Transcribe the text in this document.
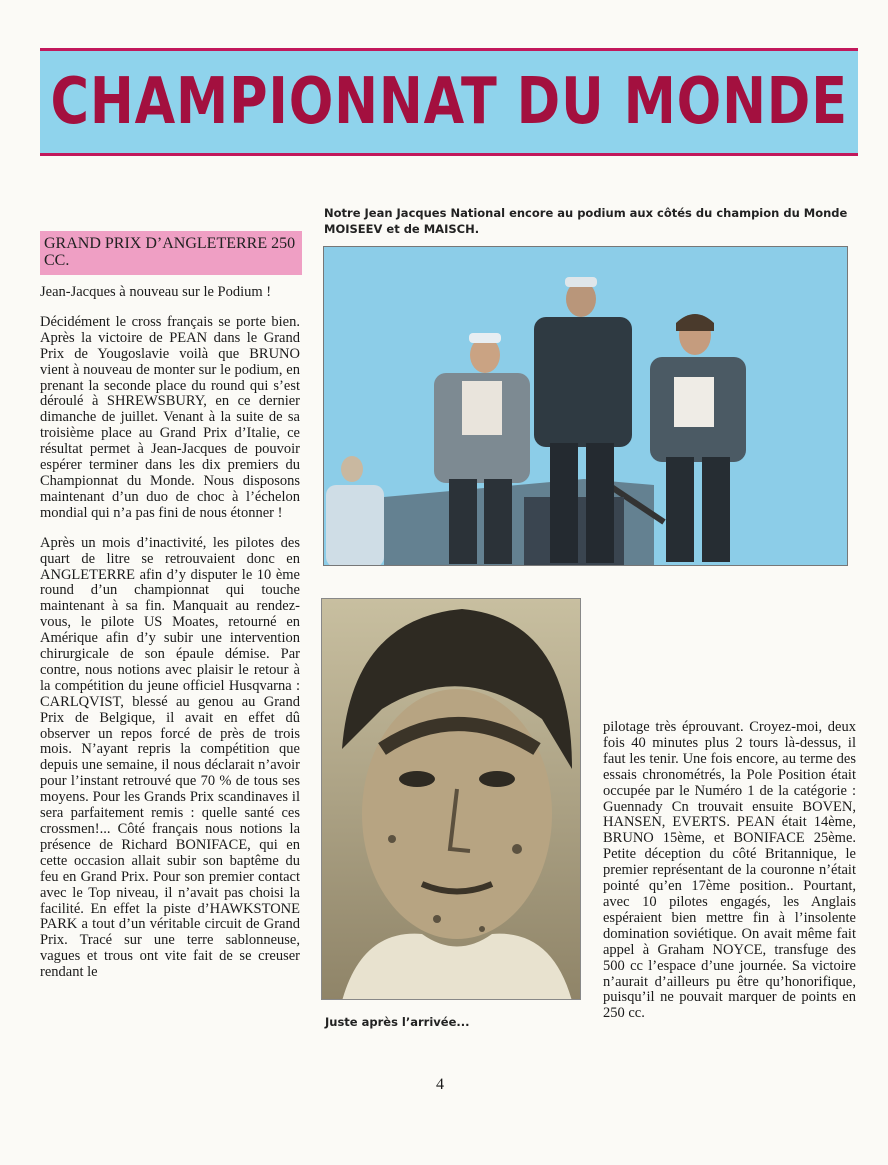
CHAMPIONNAT DU MONDE
GRAND PRIX D’ANGLETERRE 250 CC.

Jean-Jacques à nouveau sur le Podium !

Décidément le cross français se porte bien. Après la victoire de PEAN dans le Grand Prix de Yougoslavie voilà que BRUNO vient à nouveau de monter sur le podium, en prenant la seconde place du round qui s’est déroulé à SHREWSBURY, en ce dernier dimanche de juillet. Venant à la suite de sa troisième place au Grand Prix d’Italie, ce résultat permet à Jean-Jacques de pouvoir espérer terminer dans les dix premiers du Championnat du Monde. Nous disposons maintenant d’un duo de choc à l’échelon mondial qui n’a pas fini de nous étonner !

Après un mois d’inactivité, les pilotes des quart de litre se retrouvaient donc en ANGLETERRE afin d’y disputer le 10 ème round d’un championnat qui touche maintenant à sa fin. Manquait au rendez-vous, le pilote US Moates, retourné en Amérique afin d’y subir une intervention chirurgicale de son épaule démise. Par contre, nous notions avec plaisir le retour à la compétition du jeune officiel Husqvarna : CARLQVIST, blessé au genou au Grand Prix de Belgique, il avait en effet dû observer un repos forcé de près de trois mois. N’ayant repris la compétition que depuis une semaine, il nous déclarait n’avoir pour l’instant retrouvé que 70 % de tous ses moyens. Pour les Grands Prix scandinaves il sera parfaitement remis : quelle santé ces crossmen!... Côté français nous notions la présence de Richard BONIFACE, qui en cette occasion allait subir son baptême du feu en Grand Prix. Pour son premier contact avec le Top niveau, il n’avait pas choisi la facilité. En effet la piste d’HAWKSTONE PARK a tout d’un véritable circuit de Grand Prix. Tracé sur une terre sablonneuse, vagues et trous ont vite fait de se creuser rendant le

Notre Jean Jacques National encore au podium aux côtés du champion du Monde MOISEEV et de MAISCH.
Juste après l’arrivée...

pilotage très éprouvant. Croyez-moi, deux fois 40 minutes plus 2 tours là-dessus, il faut les tenir. Une fois encore, au terme des essais chronométrés, la Pole Position était occupée par le Numéro 1 de la catégorie : Guennady Cn trouvait ensuite BOVEN, HANSEN, EVERTS. PEAN était 14ème, BRUNO 15ème, et BONIFACE 25ème. Petite déception du côté Britannique, le premier représentant de la couronne n’était pointé qu’en 17ème position.. Pourtant, avec 10 pilotes engagés, les Anglais espéraient bien mettre fin à l’insolente domination soviétique. On avait même fait appel à Graham NOYCE, transfuge des 500 cc l’espace d’une journée. Sa victoire n’aurait d’ailleurs pu être qu’honorifique, puisqu’il ne pouvait marquer de points en 250 cc.

4
